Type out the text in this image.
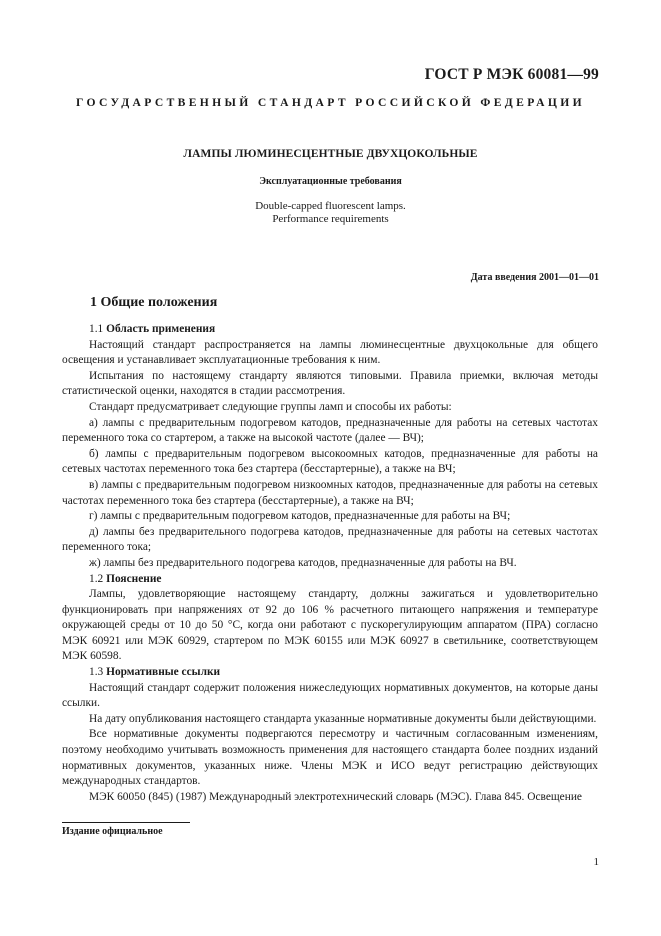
ГОСТ Р МЭК 60081—99
ГОСУДАРСТВЕННЫЙ СТАНДАРТ РОССИЙСКОЙ ФЕДЕРАЦИИ
ЛАМПЫ ЛЮМИНЕСЦЕНТНЫЕ ДВУХЦОКОЛЬНЫЕ
Эксплуатационные требования
Double-capped fluorescent lamps.
Performance requirements
Дата введения 2001—01—01
1 Общие положения

1.1 Область применения

Настоящий стандарт распространяется на лампы люминесцентные двухцокольные для общего освещения и устанавливает эксплуатационные требования к ним.

Испытания по настоящему стандарту являются типовыми. Правила приемки, включая методы статистической оценки, находятся в стадии рассмотрения.

Стандарт предусматривает следующие группы ламп и способы их работы:

а) лампы с предварительным подогревом катодов, предназначенные для работы на сетевых частотах переменного тока со стартером, а также на высокой частоте (далее — ВЧ);

б) лампы с предварительным подогревом высокоомных катодов, предназначенные для работы на сетевых частотах переменного тока без стартера (бесстартерные), а также на ВЧ;

в) лампы с предварительным подогревом низкоомных катодов, предназначенные для работы на сетевых частотах переменного тока без стартера (бесстартерные), а также на ВЧ;

г) лампы с предварительным подогревом катодов, предназначенные для работы на ВЧ;

д) лампы без предварительного подогрева катодов, предназначенные для работы на сетевых частотах переменного тока;

ж) лампы без предварительного подогрева катодов, предназначенные для работы на ВЧ.

1.2 Пояснение

Лампы, удовлетворяющие настоящему стандарту, должны зажигаться и удовлетворительно функционировать при напряжениях от 92 до 106 % расчетного питающего напряжения и температуре окружающей среды от 10 до 50 °С, когда они работают с пускорегулирующим аппаратом (ПРА) согласно МЭК 60921 или МЭК 60929, стартером по МЭК 60155 или МЭК 60927 в светильнике, соответствующем МЭК 60598.

1.3 Нормативные ссылки

Настоящий стандарт содержит положения нижеследующих нормативных документов, на которые даны ссылки.

На дату опубликования настоящего стандарта указанные нормативные документы были действующими.

Все нормативные документы подвергаются пересмотру и частичным согласованным изменениям, поэтому необходимо учитывать возможность применения для настоящего стандарта более поздних изданий нормативных документов, указанных ниже. Члены МЭК и ИСО ведут регистрацию действующих международных стандартов.

МЭК 60050 (845) (1987) Международный электротехнический словарь (МЭС). Глава 845. Освещение

Издание официальное
1
